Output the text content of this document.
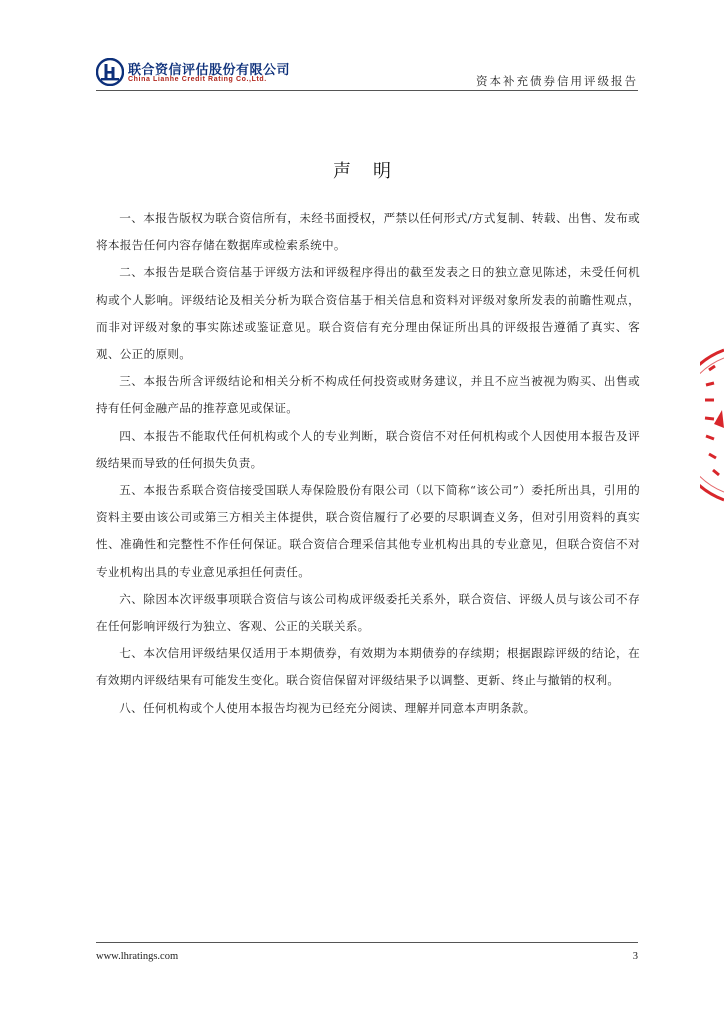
联合资信评估股份有限公司
China Lianhe Credit Rating Co.,Ltd.	资本补充债券信用评级报告
声明

一、本报告版权为联合资信所有，未经书面授权，严禁以任何形式/方式复制、转载、出售、发布或将本报告任何内容存储在数据库或检索系统中。

二、本报告是联合资信基于评级方法和评级程序得出的截至发表之日的独立意见陈述，未受任何机构或个人影响。评级结论及相关分析为联合资信基于相关信息和资料对评级对象所发表的前瞻性观点，而非对评级对象的事实陈述或鉴证意见。联合资信有充分理由保证所出具的评级报告遵循了真实、客观、公正的原则。

三、本报告所含评级结论和相关分析不构成任何投资或财务建议，并且不应当被视为购买、出售或持有任何金融产品的推荐意见或保证。

四、本报告不能取代任何机构或个人的专业判断，联合资信不对任何机构或个人因使用本报告及评级结果而导致的任何损失负责。

五、本报告系联合资信接受国联人寿保险股份有限公司（以下简称“该公司”）委托所出具，引用的资料主要由该公司或第三方相关主体提供，联合资信履行了必要的尽职调查义务，但对引用资料的真实性、准确性和完整性不作任何保证。联合资信合理采信其他专业机构出具的专业意见，但联合资信不对专业机构出具的专业意见承担任何责任。

六、除因本次评级事项联合资信与该公司构成评级委托关系外，联合资信、评级人员与该公司不存在任何影响评级行为独立、客观、公正的关联关系。

七、本次信用评级结果仅适用于本期债券，有效期为本期债券的存续期；根据跟踪评级的结论，在有效期内评级结果有可能发生变化。联合资信保留对评级结果予以调整、更新、终止与撤销的权利。

八、任何机构或个人使用本报告均视为已经充分阅读、理解并同意本声明条款。

www.lhratings.com	3
